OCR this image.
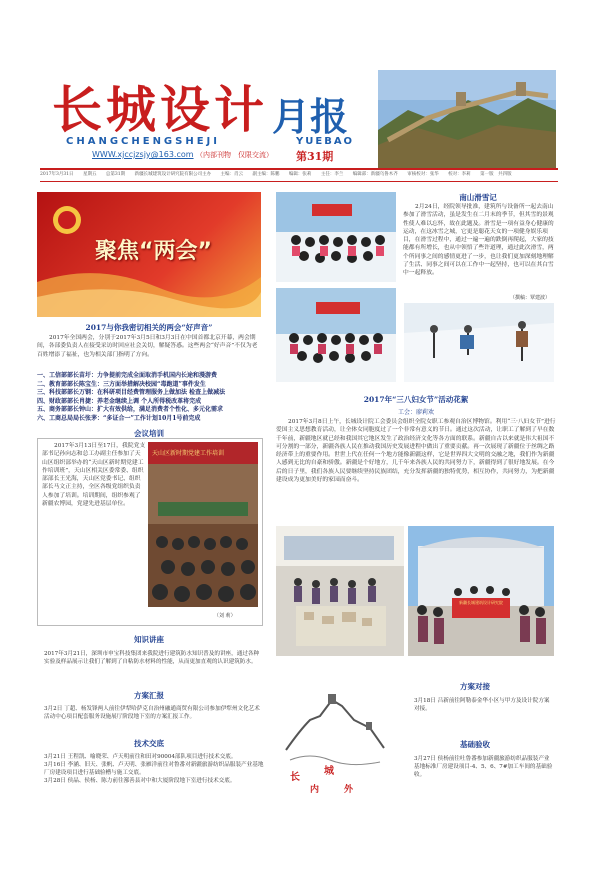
长城设计 月报
CHANGCHENGSHEJI	YUEBAO
WWW.xjccjzsjy@163.com （内部刊物　仅限交流） 第31期
2017年3月31日 星期五 总第31期 新疆长城建筑设计研究院有限公司主办 主编：肖云 副主编：陈鹏 编辑：张莉 主任：李兰 编辑部：新疆乌鲁木齐 审核校对：张华 校对：李莉 第一版　共四版
聚焦“两会”
2017与你我密切相关的两会“好声音”

2017年全国两会，分别于2017年3月5日和3月3日在中国首都北京开幕，两会期间，各部委负责人在接受采访时回应社会关切，解疑答惑。这些两会“好声音”不仅为老百姓增添了福祉，也为相关部门指明了方向。

一、工信部部长苗圩：力争提前完成全面取消手机国内长途和漫游费
二、教育部部长陈宝生：三方面举措解决校园“毒跑道”事件发生
三、科技部部长万钢：在科研项目经费管理服务上做加法 检查上做减法
四、财政部部长肖捷：养老金继续上调 个人所得税改革将完成
五、商务部部长钟山：扩大有效供给，满足消费者个性化、多元化需求
六、工商总局局长张茅：“多证合一”工作计划10月1号前完成
会议培训

2017年3月13日至17日，我院党支部书记孙向志和总工办副主任参加了天山区组织部举办的“天山区新时期党建工作培训班”，天山区相关区委常委、组织部部长王光海，天山区党委书记、组织部长马文正主持，全区各级党组织负责人参加了培训。培训期间，组织参观了新疆农博园，党建先进基层单位。

天山区新时期党建工作培训
（刘 莉）
知识讲座

2017年3月21日，深圳市申宝科技集团来我院进行建筑防水知识普及的讲座，通过各种实验及样品展示让我们了解到了自粘防水材料的性能，从而更加直观的认识建筑防水。

方案汇报

3月2日 丁超、杨发锋两人前往伊犁哈萨克自治州融通商贸有限公司参加伊犁州文化艺术活动中心项目配套服务设施展厅阶段地下室的方案汇报工作。

技术交底

3月21日 王程凯、喻晓荣、卢天明前往和田对90004部队项目进行技术交底。

3月16日 李涵、旧天、张帆、卢天明、张雁洋前往对鲁番对新疆旅游纺织品服装产业基地厂房建设项目进行基础验槽与施工交底。

3月28日 侯晶、侯杨、陈力前往鄯善县对中和大厦阶段地下室进行技术交底。

南山滑雪记

2月24日，经院领导批准，建筑所与设备所一起去南山参加了滑雪活动，虽是发生在二月末的季节，但其雪的景观性使人难以忘怀，故在此题及。滑雪是一项有益身心健康的运动，在这冰雪之城，它更是聪花天女的一项健身娱乐项目，在滑雪过程中，通过一遍一遍的跌倒再爬起，大家的技能都有所增长，也从中领悟了些许道理，通过此次滑雪，两个所同事之间的感情更进了一步，也让我们更加深刻地理解了生活、同事之间可以在工作中一起坚持，也可以在其白雪中一起释放。

（撰稿：覃建波）
2017年“三八妇女节”活动花絮
工会：廖莉欢

2017年3月8日上午，长城设计院工会委员会组织全院女职工参观自治区博物馆。利用“三·八妇女节”进行爱国主义思想教育活动，让全体女同胞度过了一个非常有意义的节日。通过这次活动，让职工了解到了早在数千年前，新疆地区就已经和我国其它地区发生了政治经济文化等各方面的联系。新疆自古以来就是伟大祖国不可分割的一部分，新疆各族人民在推动我国历史发展进程中做出了重要贡献。再一次展现了新疆位于丝绸之路经济带上的重要作用。世世上代在任何一个地方能像新疆这样，它是世界四大文明的交融之地，我们作为新疆人感到无比的自豪和骄傲。新疆是个好地方，几千年来各族人民的共同努力下，新疆得到了很好地发展。在今后的日子里，我们各族人民要继续坚持民族团结，充分发挥新疆的独特优势，相互协作，共同努力，为把新疆建设成为更加美好的家园而奋斗。

新疆长城建筑设计研究院
长
城
内	外
方案对接

3月18日 吕新前往阿勒泰金华小区与甲方及设计院方案对接。

基础验收

3月27日 侯杨前往吐鲁番参加新疆旅游纺织品服装产业基地标准厂房建设项目-4、5、6、7#加工车间的基础验收。
